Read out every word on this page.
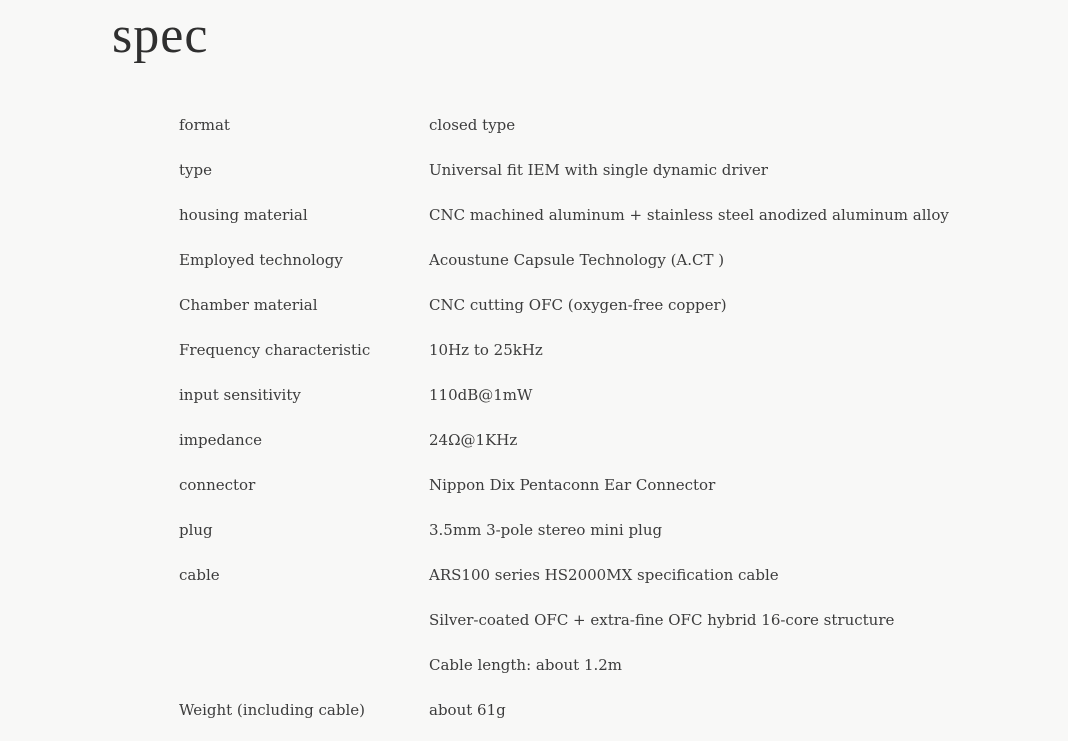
spec
format	closed type
type	Universal fit IEM with single dynamic driver
housing material	CNC machined aluminum + stainless steel anodized aluminum alloy
Employed technology	Acoustune Capsule Technology (A.CT )
Chamber material	CNC cutting OFC (oxygen-free copper)
Frequency characteristic	10Hz to 25kHz
input sensitivity	110dB@1mW
impedance	24Ω@1KHz
connector	Nippon Dix Pentaconn Ear Connector
plug	3.5mm 3-pole stereo mini plug
cable	ARS100 series HS2000MX specification cable
Silver-coated OFC + extra-fine OFC hybrid 16-core structure
Cable length: about 1.2m
Weight (including cable)	about 61g
